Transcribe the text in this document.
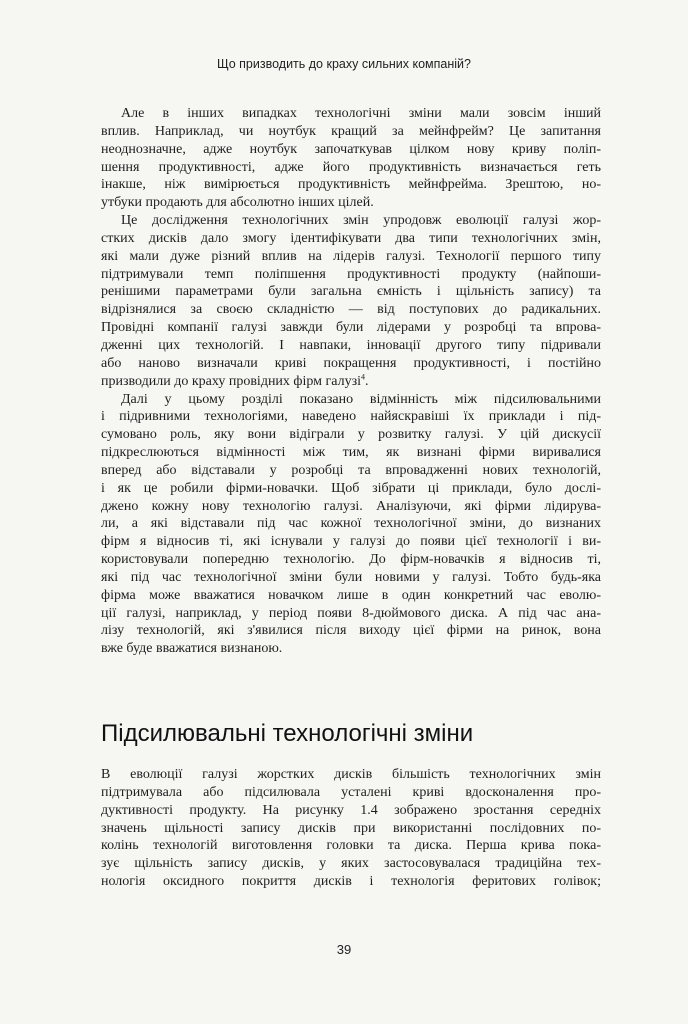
Що призводить до краху сильних компаній?
Але в інших випадках технологічні зміни мали зовсім інший
вплив. Наприклад, чи ноутбук кращий за мейнфрейм? Це запитання
неоднозначне, адже ноутбук започаткував цілком нову криву поліп-
шення продуктивності, адже його продуктивність визначається геть
інакше, ніж вимірюється продуктивність мейнфрейма. Зрештою, но-
утбуки продають для абсолютно інших цілей.
Це дослідження технологічних змін упродовж еволюції галузі жор-
стких дисків дало змогу ідентифікувати два типи технологічних змін,
які мали дуже різний вплив на лідерів галузі. Технології першого типу
підтримували темп поліпшення продуктивності продукту (найпоши-
ренішими параметрами були загальна ємність і щільність запису) та
відрізнялися за своєю складністю — від поступових до радикальних.
Провідні компанії галузі завжди були лідерами у розробці та впрова-
дженні цих технологій. І навпаки, інновації другого типу підривали
або наново визначали криві покращення продуктивності, і постійно
призводили до краху провідних фірм галузі$^4$.
Далі у цьому розділі показано відмінність між підсилювальними
і підривними технологіями, наведено найяскравіші їх приклади і під-
сумовано роль, яку вони відіграли у розвитку галузі. У цій дискусії
підкреслюються відмінності між тим, як визнані фірми виривалися
вперед або відставали у розробці та впровадженні нових технологій,
і як це робили фірми-новачки. Щоб зібрати ці приклади, було дослі-
джено кожну нову технологію галузі. Аналізуючи, які фірми лідирува-
ли, а які відставали під час кожної технологічної зміни, до визнаних
фірм я відносив ті, які існували у галузі до появи цієї технології і ви-
користовували попередню технологію. До фірм-новачків я відносив ті,
які під час технологічної зміни були новими у галузі. Тобто будь-яка
фірма може вважатися новачком лише в один конкретний час еволю-
ції галузі, наприклад, у період появи 8-дюймового диска. А під час ана-
лізу технологій, які з'явилися після виходу цієї фірми на ринок, вона
вже буде вважатися визнаною.
Підсилювальні технологічні зміни
В еволюції галузі жорстких дисків більшість технологічних змін
підтримувала або підсилювала усталені криві вдосконалення про-
дуктивності продукту. На рисунку 1.4 зображено зростання середніх
значень щільності запису дисків при використанні послідовних по-
колінь технологій виготовлення головки та диска. Перша крива пока-
зує щільність запису дисків, у яких застосовувалася традиційна тех-
нологія оксидного покриття дисків і технологія феритових голівок;
39
